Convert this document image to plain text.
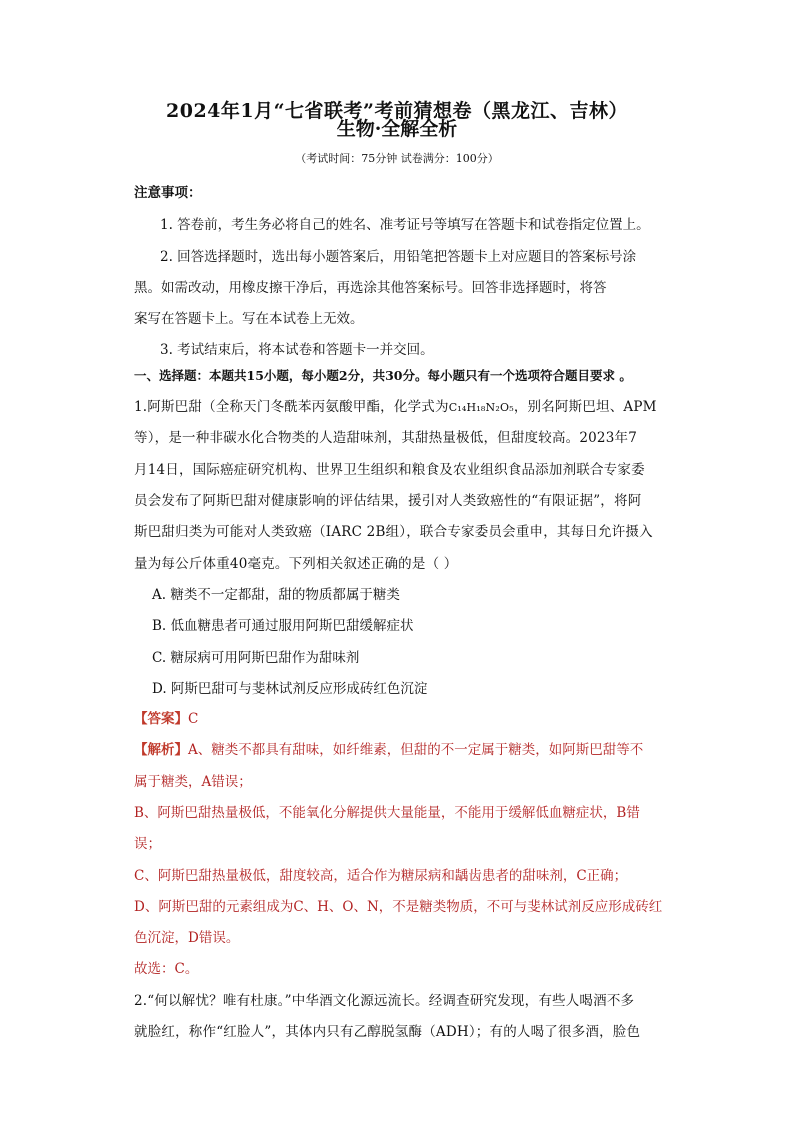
2024年1月“七省联考”考前猜想卷（黑龙江、吉林）
生物·全解全析
（考试时间：75分钟 试卷满分：100分）
注意事项：
1. 答卷前，考生务必将自己的姓名、准考证号等填写在答题卡和试卷指定位置上。
2. 回答选择题时，选出每小题答案后，用铅笔把答题卡上对应题目的答案标号涂
黑。如需改动，用橡皮擦干净后，再选涂其他答案标号。回答非选择题时，将答
案写在答题卡上。写在本试卷上无效。
3. 考试结束后，将本试卷和答题卡一并交回。
一、选择题：本题共15小题，每小题2分，共30分。每小题只有一个选项符合题目要求 。
1.阿斯巴甜（全称天门冬酰苯丙氨酸甲酯，化学式为C₁₄H₁₈N₂O₅，别名阿斯巴坦、APM
等），是一种非碳水化合物类的人造甜味剂，其甜热量极低，但甜度较高。2023年7
月14日，国际癌症研究机构、世界卫生组织和粮食及农业组织食品添加剂联合专家委
员会发布了阿斯巴甜对健康影响的评估结果，援引对人类致癌性的“有限证据”，将阿
斯巴甜归类为可能对人类致癌（IARC 2B组），联合专家委员会重申，其每日允许摄入
量为每公斤体重40毫克。下列相关叙述正确的是（ ）
A. 糖类不一定都甜，甜的物质都属于糖类
B. 低血糖患者可通过服用阿斯巴甜缓解症状
C. 糖尿病可用阿斯巴甜作为甜味剂
D. 阿斯巴甜可与斐林试剂反应形成砖红色沉淀
【答案】C
【解析】A、糖类不都具有甜味，如纤维素，但甜的不一定属于糖类，如阿斯巴甜等不
属于糖类，A错误；
B、阿斯巴甜热量极低，不能氧化分解提供大量能量，不能用于缓解低血糖症状，B错
误；
C、阿斯巴甜热量极低，甜度较高，适合作为糖尿病和龋齿患者的甜味剂，C正确；
D、阿斯巴甜的元素组成为C、H、O、N，不是糖类物质，不可与斐林试剂反应形成砖红
色沉淀，D错误。
故选：C。
2.“何以解忧？唯有杜康。”中华酒文化源远流长。经调查研究发现，有些人喝酒不多
就脸红，称作“红脸人”，其体内只有乙醇脱氢酶（ADH）；有的人喝了很多酒，脸色
